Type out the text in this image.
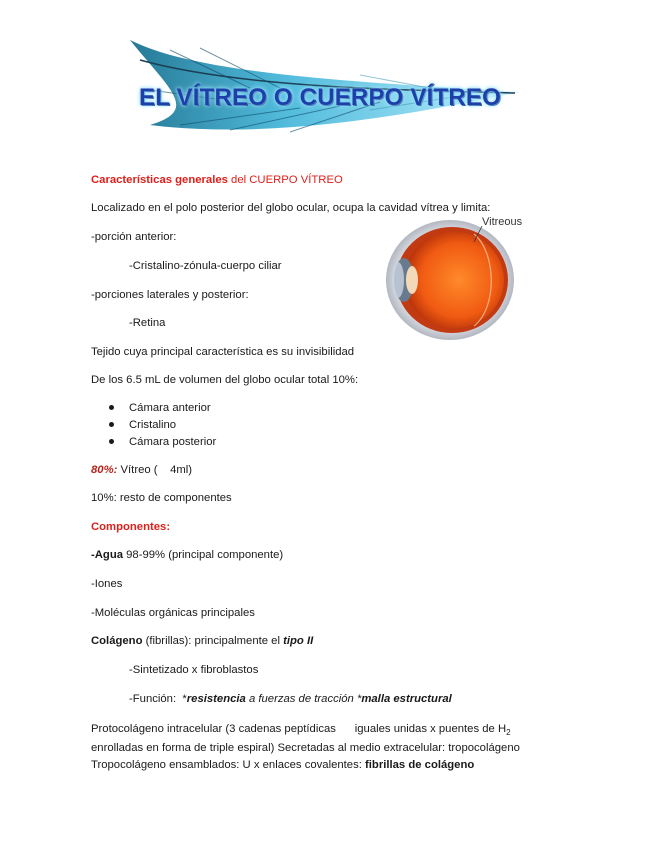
EL VÍTREO O CUERPO VÍTREO
Características generales del CUERPO VÍTREO
Localizado en el polo posterior del globo ocular, ocupa la cavidad vítrea y limita:
-porción anterior:
-Cristalino-zónula-cuerpo ciliar
-porciones laterales y posterior:
-Retina
Tejido cuya principal característica es su invisibilidad
De los 6.5 mL de volumen del globo ocular total 10%:
Cámara anterior
Cristalino
Cámara posterior
80%: Vítreo (    4ml)
10%: resto de componentes
Componentes:
-Agua 98-99% (principal componente)
-Iones
-Moléculas orgánicas principales
Colágeno (fibrillas): principalmente el tipo II
-Sintetizado x fibroblastos
-Función:  *resistencia a fuerzas de tracción *malla estructural
Protocolágeno intracelular (3 cadenas peptídicas      iguales unidas x puentes de $H_2$
enrolladas en forma de triple espiral) Secretadas al medio extracelular: tropocolágeno
Tropocolágeno ensamblados: U x enlaces covalentes: fibrillas de colágeno
Vitreous
